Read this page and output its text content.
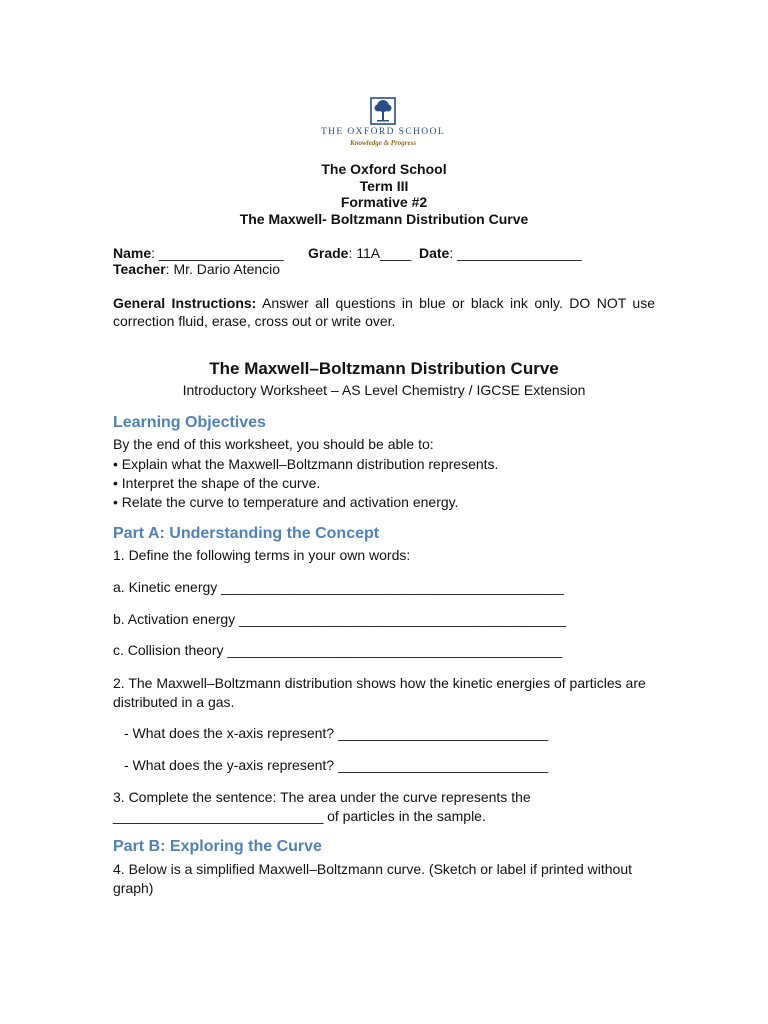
THE OXFORD SCHOOL
Knowledge & Progress
The Oxford School
Term III
Formative #2
The Maxwell- Boltzmann Distribution Curve
Name: ________________ Grade: 11A____ Date: ________________
Teacher: Mr. Dario Atencio
General Instructions: Answer all questions in blue or black ink only. DO NOT use correction fluid, erase, cross out or write over.
The Maxwell–Boltzmann Distribution Curve
Introductory Worksheet – AS Level Chemistry / IGCSE Extension
Learning Objectives
By the end of this worksheet, you should be able to:
• Explain what the Maxwell–Boltzmann distribution represents.
• Interpret the shape of the curve.
• Relate the curve to temperature and activation energy.
Part A: Understanding the Concept
1. Define the following terms in your own words:
a. Kinetic energy ____________________________________________
b. Activation energy __________________________________________
c. Collision theory ___________________________________________
2. The Maxwell–Boltzmann distribution shows how the kinetic energies of particles are distributed in a gas.
- What does the x-axis represent? ___________________________
- What does the y-axis represent? ___________________________
3. Complete the sentence: The area under the curve represents the
___________________________ of particles in the sample.
Part B: Exploring the Curve
4. Below is a simplified Maxwell–Boltzmann curve. (Sketch or label if printed without graph)
